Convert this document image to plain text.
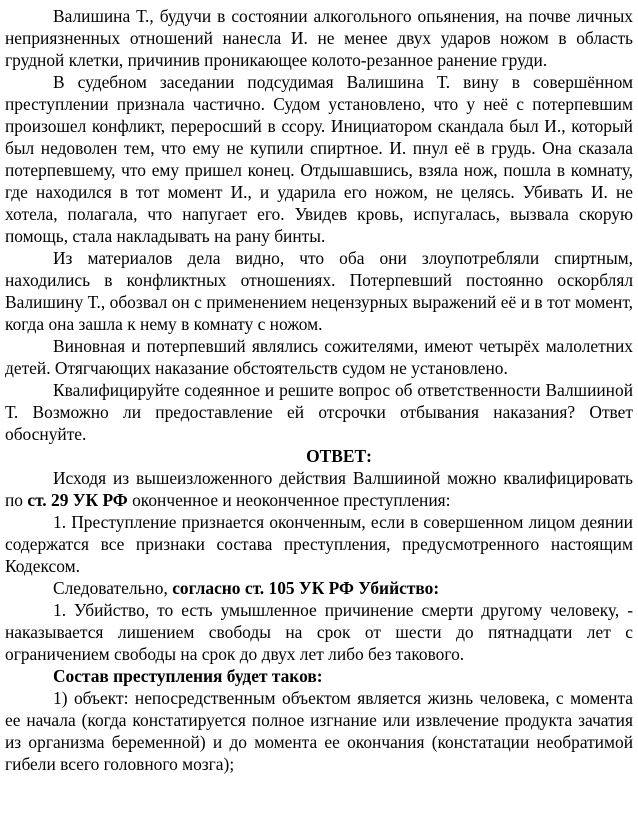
Валишина Т., будучи в состоянии алкогольного опьянения, на почве личных неприязненных отношений нанесла И. не менее двух ударов ножом в область грудной клетки, причинив проникающее колото-резанное ранение груди.

В судебном заседании подсудимая Валишина Т. вину в совершённом преступлении признала частично. Судом установлено, что у неё с потерпевшим произошел конфликт, переросший в ссору. Инициатором скандала был И., который был недоволен тем, что ему не купили спиртное. И. пнул её в грудь. Она сказала потерпевшему, что ему пришел конец. Отдышавшись, взяла нож, пошла в комнату, где находился в тот момент И., и ударила его ножом, не целясь. Убивать И. не хотела, полагала, что напугает его. Увидев кровь, испугалась, вызвала скорую помощь, стала накладывать на рану бинты.

Из материалов дела видно, что оба они злоупотребляли спиртным, находились в конфликтных отношениях. Потерпевший постоянно оскорблял Валишину Т., обозвал он с применением нецензурных выражений её и в тот момент, когда она зашла к нему в комнату с ножом.

Виновная и потерпевший являлись сожителями, имеют четырёх малолетних детей. Отягчающих наказание обстоятельств судом не установлено.

Квалифицируйте содеянное и решите вопрос об ответственности Валшииной Т. Возможно ли предоставление ей отсрочки отбывания наказания? Ответ обоснуйте.

ОТВЕТ:

Исходя из вышеизложенного действия Валшииной можно квалифицировать по ст. 29 УК РФ оконченное и неоконченное преступления:

1. Преступление признается оконченным, если в совершенном лицом деянии содержатся все признаки состава преступления, предусмотренного настоящим Кодексом.

Следовательно, согласно ст. 105 УК РФ Убийство:

1. Убийство, то есть умышленное причинение смерти другому человеку, - наказывается лишением свободы на срок от шести до пятнадцати лет с ограничением свободы на срок до двух лет либо без такового.

Состав преступления будет таков:

1) объект: непосредственным объектом является жизнь человека, с момента ее начала (когда констатируется полное изгнание или извлечение продукта зачатия из организма беременной) и до момента ее окончания (констатации необратимой гибели всего головного мозга);
